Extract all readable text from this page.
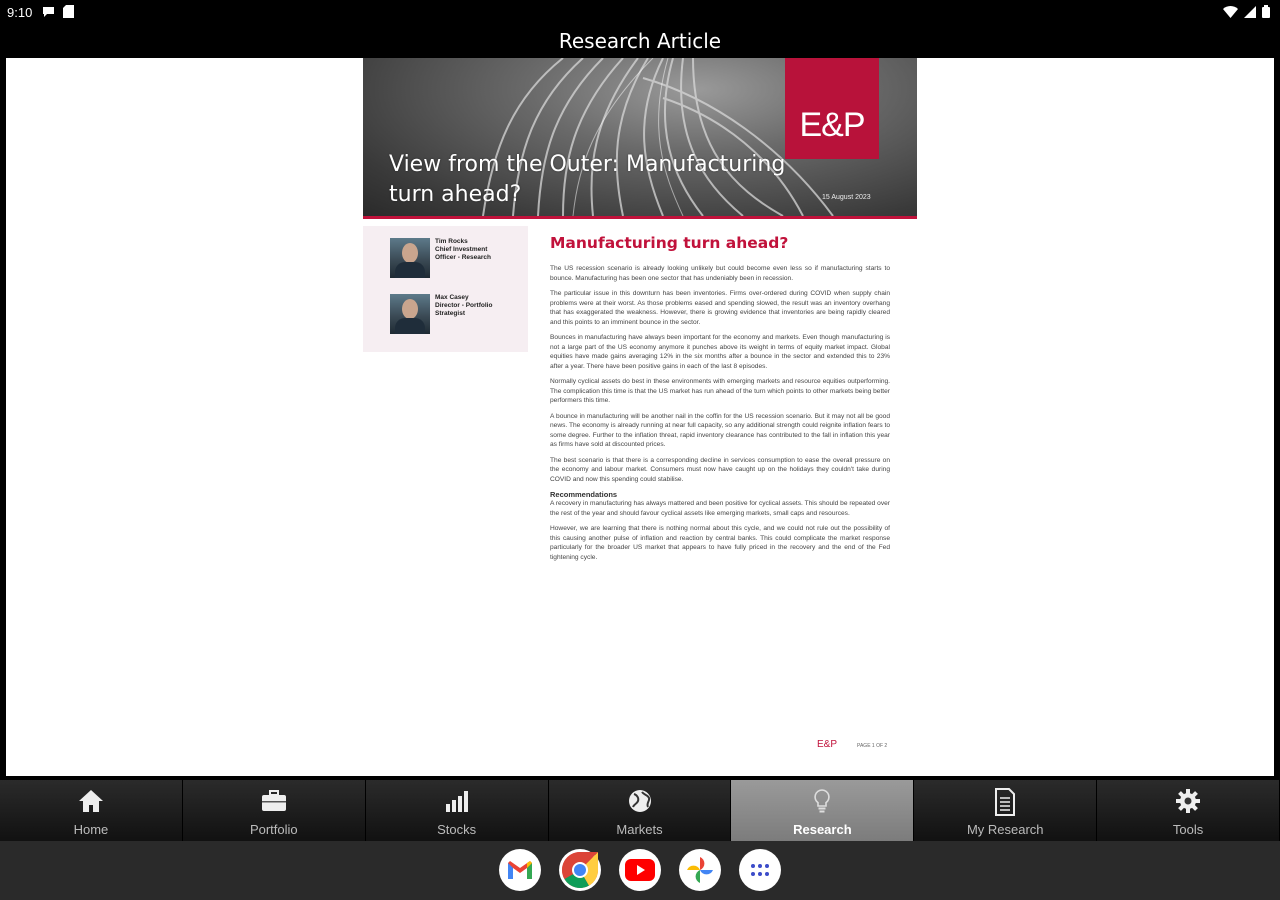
9:10
Research Article
E&P
View from the Outer: Manufacturing turn ahead?	15 August 2023
Tim Rocks
Chief Investment Officer - Research
Max Casey
Director - Portfolio Strategist
Manufacturing turn ahead?

The US recession scenario is already looking unlikely but could become even less so if manufacturing starts to bounce. Manufacturing has been one sector that has undeniably been in recession.

The particular issue in this downturn has been inventories. Firms over-ordered during COVID when supply chain problems were at their worst. As those problems eased and spending slowed, the result was an inventory overhang that has exaggerated the weakness. However, there is growing evidence that inventories are being rapidly cleared and this points to an imminent bounce in the sector.

Bounces in manufacturing have always been important for the economy and markets. Even though manufacturing is not a large part of the US economy anymore it punches above its weight in terms of equity market impact. Global equities have made gains averaging 12% in the six months after a bounce in the sector and extended this to 23% after a year. There have been positive gains in each of the last 8 episodes.

Normally cyclical assets do best in these environments with emerging markets and resource equities outperforming. The complication this time is that the US market has run ahead of the turn which points to other markets being better performers this time.

A bounce in manufacturing will be another nail in the coffin for the US recession scenario. But it may not all be good news. The economy is already running at near full capacity, so any additional strength could reignite inflation fears to some degree. Further to the inflation threat, rapid inventory clearance has contributed to the fall in inflation this year as firms have sold at discounted prices.

The best scenario is that there is a corresponding decline in services consumption to ease the overall pressure on the economy and labour market. Consumers must now have caught up on the holidays they couldn't take during COVID and now this spending could stabilise.

Recommendations

A recovery in manufacturing has always mattered and been positive for cyclical assets. This should be repeated over the rest of the year and should favour cyclical assets like emerging markets, small caps and resources.

However, we are learning that there is nothing normal about this cycle, and we could not rule out the possibility of this causing another pulse of inflation and reaction by central banks. This could complicate the market response particularly for the broader US market that appears to have fully priced in the recovery and the end of the Fed tightening cycle.

E&P	PAGE 1 OF 2
Home	Portfolio	Stocks	Markets	Research	My Research	Tools
